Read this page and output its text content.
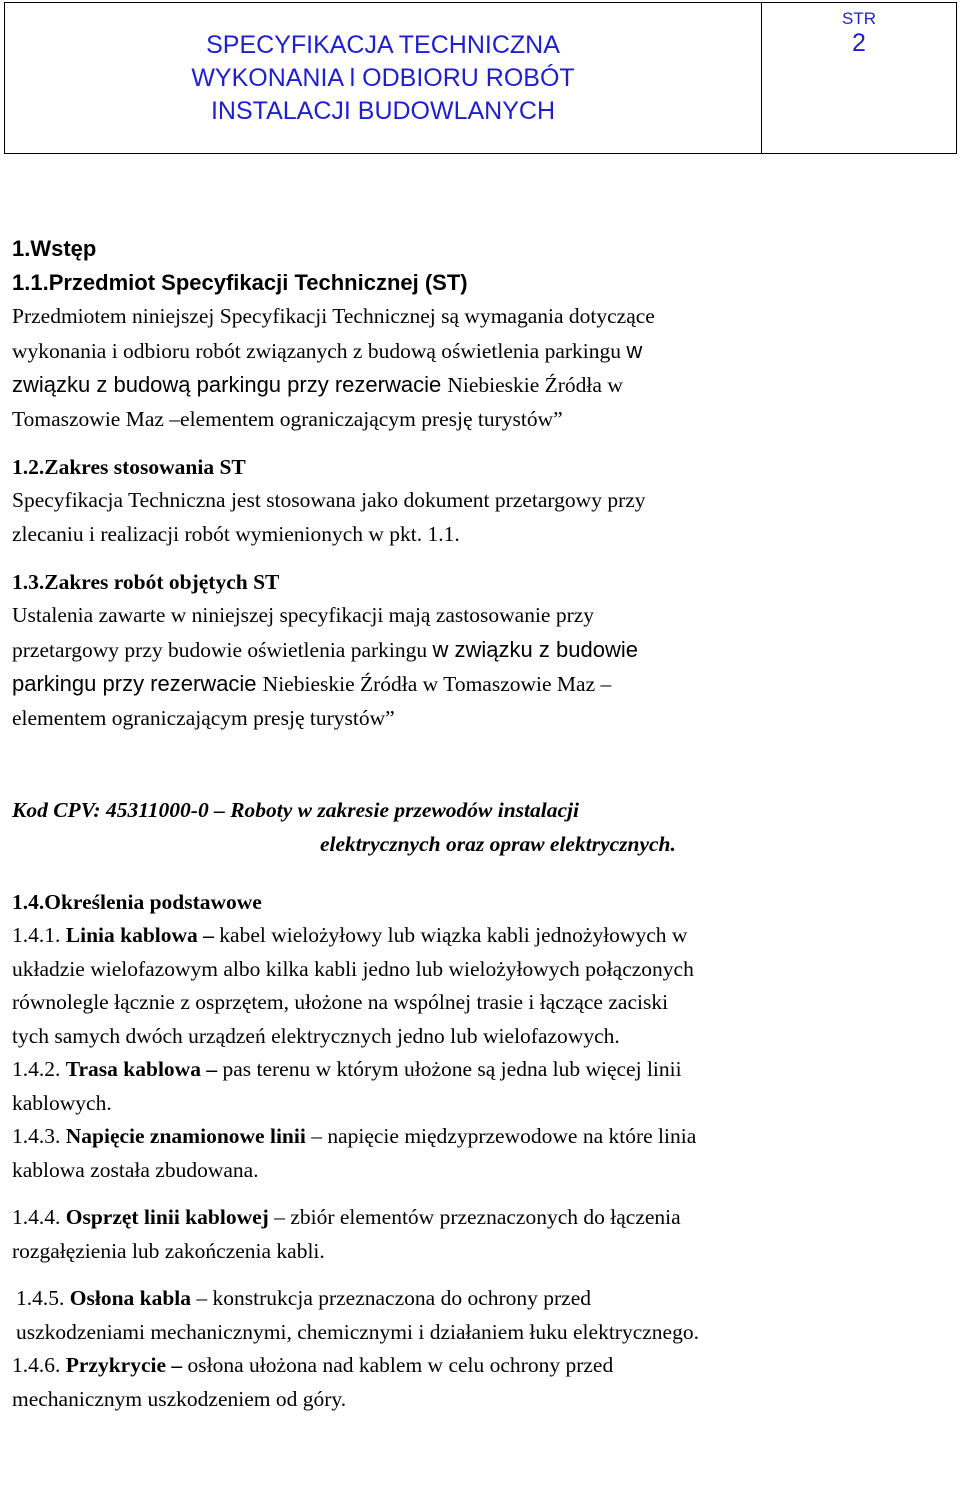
SPECYFIKACJA TECHNICZNA
WYKONANIA l ODBIORU ROBÓT
INSTALACJI BUDOWLANYCH
STR
2
1.Wstęp
1.1.Przedmiot Specyfikacji Technicznej (ST)
Przedmiotem niniejszej Specyfikacji Technicznej są wymagania dotyczące
wykonania i odbioru robót związanych z budową oświetlenia parkingu w
związku z budową parkingu przy rezerwacie Niebieskie Źródła w
Tomaszowie Maz –elementem ograniczającym presję turystów”
1.2.Zakres stosowania ST
Specyfikacja Techniczna jest stosowana jako dokument przetargowy przy
zlecaniu i realizacji robót wymienionych w pkt. 1.1.
1.3.Zakres robót objętych ST
Ustalenia zawarte w niniejszej specyfikacji mają zastosowanie przy
przetargowy przy budowie oświetlenia parkingu w związku z budowie
parkingu przy rezerwacie Niebieskie Źródła w Tomaszowie Maz –
elementem ograniczającym presję turystów”
Kod CPV: 45311000-0 – Roboty w zakresie przewodów instalacji
elektrycznych oraz opraw elektrycznych.
1.4.Określenia podstawowe
1.4.1. Linia kablowa – kabel wielożyłowy lub wiązka kabli jednożyłowych w
układzie wielofazowym albo kilka kabli jedno lub wielożyłowych połączonych
równolegle łącznie z osprzętem, ułożone na wspólnej trasie i łączące zaciski
tych samych dwóch urządzeń elektrycznych jedno lub wielofazowych.
1.4.2. Trasa kablowa – pas terenu w którym ułożone są jedna lub więcej linii
kablowych.
1.4.3. Napięcie znamionowe linii – napięcie międzyprzewodowe na które linia
kablowa została zbudowana.
1.4.4. Osprzęt linii kablowej – zbiór elementów przeznaczonych do łączenia
rozgałęzienia lub zakończenia kabli.
1.4.5. Osłona kabla – konstrukcja przeznaczona do ochrony przed
uszkodzeniami mechanicznymi, chemicznymi i działaniem łuku elektrycznego.
1.4.6. Przykrycie – osłona ułożona nad kablem w celu ochrony przed
mechanicznym uszkodzeniem od góry.
